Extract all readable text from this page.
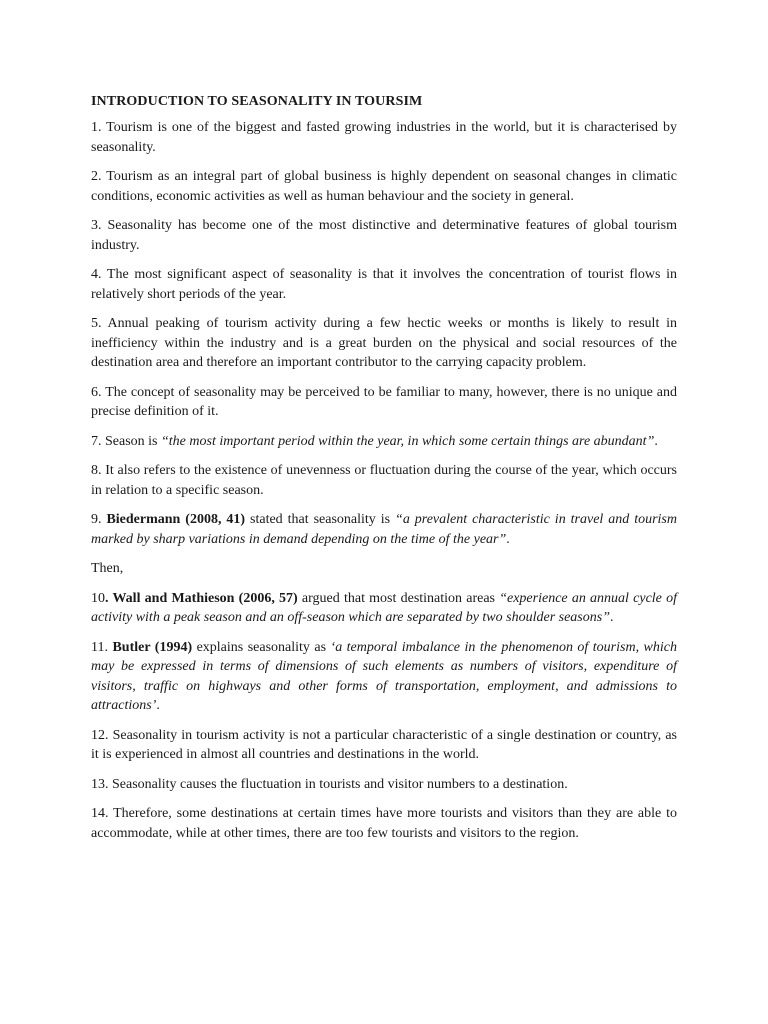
INTRODUCTION TO SEASONALITY IN TOURSIM

1. Tourism is one of the biggest and fasted growing industries in the world, but it is characterised by seasonality.

2. Tourism as an integral part of global business is highly dependent on seasonal changes in climatic conditions, economic activities as well as human behaviour and the society in general.

3. Seasonality has become one of the most distinctive and determinative features of global tourism industry.

4. The most significant aspect of seasonality is that it involves the concentration of tourist flows in relatively short periods of the year.

5. Annual peaking of tourism activity during a few hectic weeks or months is likely to result in inefficiency within the industry and is a great burden on the physical and social resources of the destination area and therefore an important contributor to the carrying capacity problem.

6. The concept of seasonality may be perceived to be familiar to many, however, there is no unique and precise definition of it.

7. Season is “the most important period within the year, in which some certain things are abundant”.

8. It also refers to the existence of unevenness or fluctuation during the course of the year, which occurs in relation to a specific season.

9. Biedermann (2008, 41) stated that seasonality is “a prevalent characteristic in travel and tourism marked by sharp variations in demand depending on the time of the year”.

Then,

10. Wall and Mathieson (2006, 57) argued that most destination areas “experience an annual cycle of activity with a peak season and an off-season which are separated by two shoulder seasons”.

11. Butler (1994) explains seasonality as ‘a temporal imbalance in the phenomenon of tourism, which may be expressed in terms of dimensions of such elements as numbers of visitors, expenditure of visitors, traffic on highways and other forms of transportation, employment, and admissions to attractions’.

12. Seasonality in tourism activity is not a particular characteristic of a single destination or country, as it is experienced in almost all countries and destinations in the world.

13. Seasonality causes the fluctuation in tourists and visitor numbers to a destination.

14. Therefore, some destinations at certain times have more tourists and visitors than they are able to accommodate, while at other times, there are too few tourists and visitors to the region.
